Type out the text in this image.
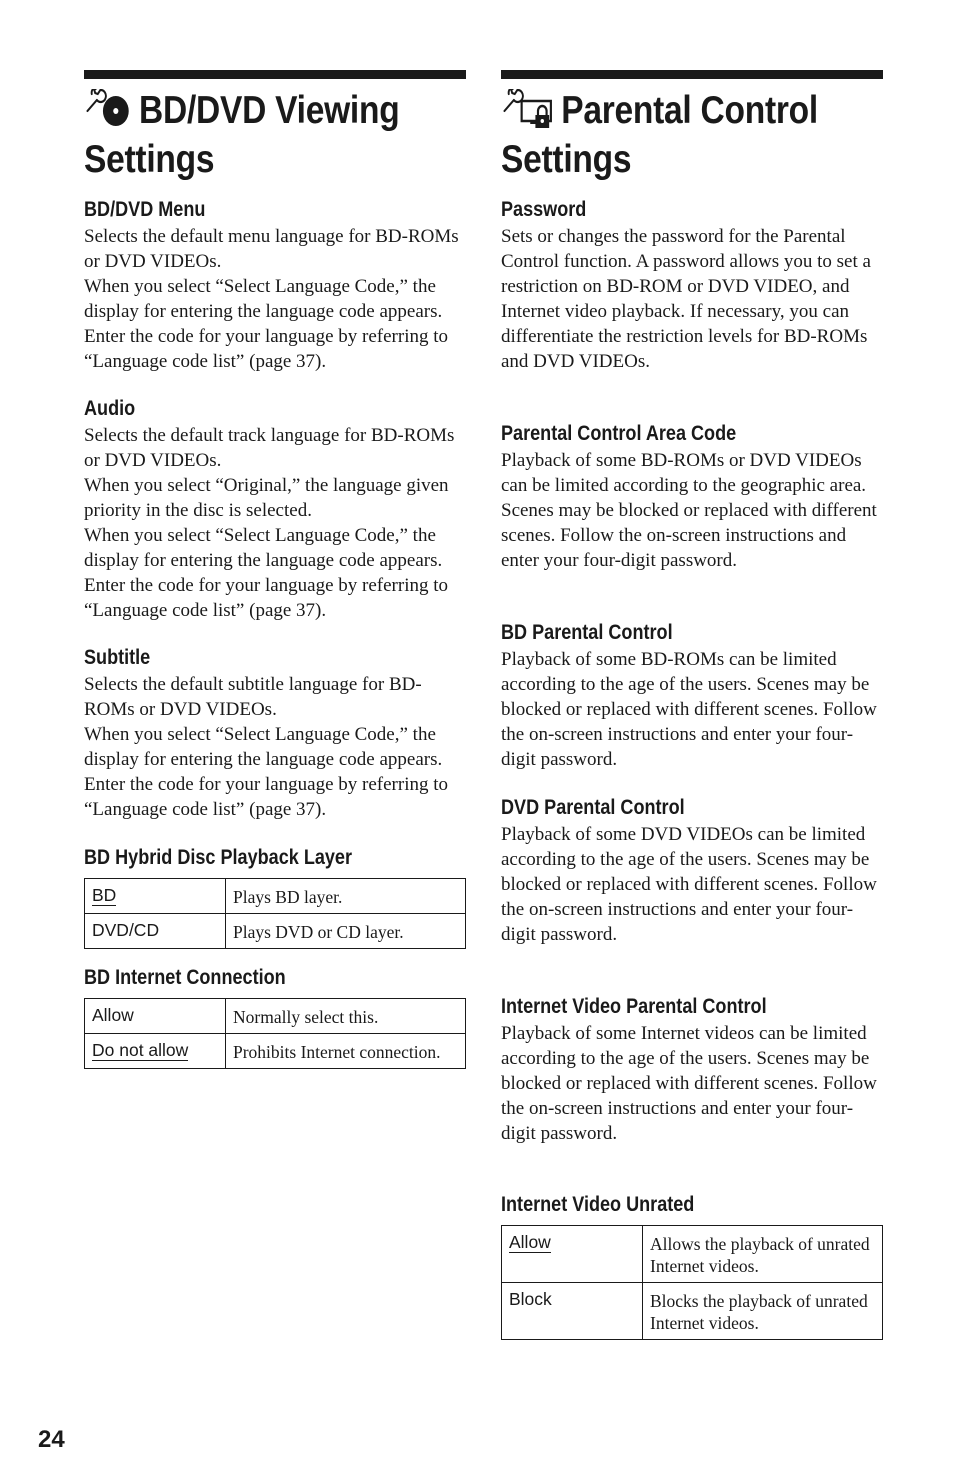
BD/DVD Viewing
Settings
BD/DVD Menu
Selects the default menu language for BD-ROMs or DVD VIDEOs.
When you select “Select Language Code,” the display for entering the language code appears. Enter the code for your language by referring to “Language code list” (page 37).
Audio
Selects the default track language for BD-ROMs or DVD VIDEOs.
When you select “Original,” the language given priority in the disc is selected.
When you select “Select Language Code,” the display for entering the language code appears. Enter the code for your language by referring to “Language code list” (page 37).
Subtitle
Selects the default subtitle language for BD-ROMs or DVD VIDEOs.
When you select “Select Language Code,” the display for entering the language code appears. Enter the code for your language by referring to “Language code list” (page 37).
BD Hybrid Disc Playback Layer
BD	Plays BD layer.
DVD/CD	Plays DVD or CD layer.
BD Internet Connection
Allow	Normally select this.
Do not allow	Prohibits Internet connection.
Parental Control
Settings
Password
Sets or changes the password for the Parental Control function. A password allows you to set a restriction on BD-ROM or DVD VIDEO, and Internet video playback. If necessary, you can differentiate the restriction levels for BD-ROMs and DVD VIDEOs.
Parental Control Area Code
Playback of some BD-ROMs or DVD VIDEOs can be limited according to the geographic area. Scenes may be blocked or replaced with different scenes. Follow the on-screen instructions and enter your four-digit password.
BD Parental Control
Playback of some BD-ROMs can be limited according to the age of the users. Scenes may be blocked or replaced with different scenes. Follow the on-screen instructions and enter your four-digit password.
DVD Parental Control
Playback of some DVD VIDEOs can be limited according to the age of the users. Scenes may be blocked or replaced with different scenes. Follow the on-screen instructions and enter your four-digit password.
Internet Video Parental Control
Playback of some Internet videos can be limited according to the age of the users. Scenes may be blocked or replaced with different scenes. Follow the on-screen instructions and enter your four-digit password.
Internet Video Unrated
Allow	Allows the playback of unrated Internet videos.
Block	Blocks the playback of unrated Internet videos.
24
